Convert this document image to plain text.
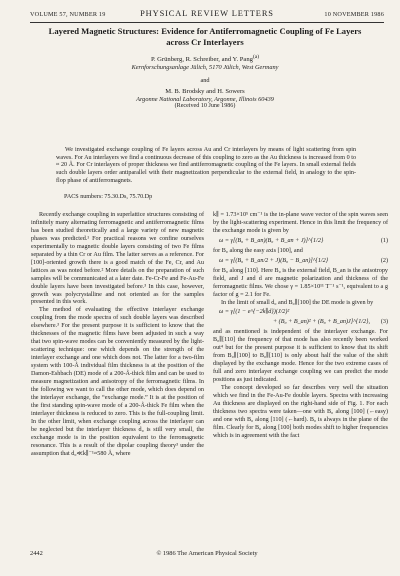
VOLUME 57, NUMBER 19	PHYSICAL REVIEW LETTERS	10 NOVEMBER 1986
Layered Magnetic Structures: Evidence for Antiferromagnetic Coupling of Fe Layers across Cr Interlayers
P. Grünberg, R. Schreiber, and Y. Pang$^{(a)}$
Kernforschungsanlage Jülich, 5170 Jülich, West Germany
and
M. B. Brodsky and H. Sowers
Argonne National Laboratory, Argonne, Illinois 60439
(Received 10 June 1986)

We investigated exchange coupling of Fe layers across Au and Cr interlayers by means of light scattering from spin waves. For Au interlayers we find a continuous decrease of this coupling to zero as the Au thickness is increased from 0 to ≈ 20 Å. For Cr interlayers of proper thickness we find antiferromagnetic coupling of the Fe layers. In small external fields such double layers order antiparallel with their magnetization perpendicular to the external field, in analogy to the spin-flop phase of antiferromagnets.

PACS numbers: 75.30.Ds, 75.70.Dp

Recently exchange coupling in superlattice structures consisting of infinitely many alternating ferromagnetic and antiferromagnetic films has been studied theoretically and a large variety of new magnetic phases was predicted.¹ For practical reasons we confine ourselves experimentally to magnetic double layers consisting of two Fe films separated by a thin Cr or Au film. The latter serves as a reference. For [100]-oriented growth there is a good match of the Fe, Cr, and Au lattices as was noted before.² More details on the preparation of such samples will be communicated at a later date. Fe-Cr-Fe and Fe-Au-Fe double layers have been investigated before.³ In this case, however, growth was polycrystalline and not oriented as for the samples presented in this work.

The method of evaluating the effective interlayer exchange coupling from the mode spectra of such double layers was described elsewhere.³ For the present purpose it is sufficient to know that the thicknesses of the magnetic films have been adjusted in such a way that two spin-wave modes can be conveniently measured by the light-scattering technique: one which depends on the strength of the interlayer exchange and one which does not. The latter for a two-film system with 100-Å individual film thickness is at the position of the Damon-Eshbach (DE) mode of a 200-Å-thick film and can be used to measure magnetization and anisotropy of the ferromagnetic films. In the following we want to call the other mode, which does depend on the interlayer exchange, the “exchange mode.” It is at the position of the first standing spin-wave mode of a 200-Å-thick Fe film when the interlayer thickness is reduced to zero. This is the full-coupling limit. In the other limit, when exchange coupling across the interlayer can be neglected but the interlayer thickness d₀ is still very small, the exchange mode is in the position equivalent to the ferromagnetic resonance. This is a result of the dipolar coupling theory³ under the assumption that d₀≪k∥⁻¹≈580 Å, where

k∥ = 1.73×10⁵ cm⁻¹ is the in-plane wave vector of the spin waves seen by the light-scattering experiment. Hence in this limit the frequency of the exchange mode is given by

ω = γ[(B₀ + B_an)(B₀ + B_an + J)]^{1/2}	(1)

for B₀ along the easy axis [100], and

ω = γ[(B₀ + B_an/2 + J)(B₀ − B_an)]^{1/2}	(2)

for B₀ along [110]. Here B₀ is the external field, B_an is the anisotropy field, and J and d are magnetic polarization and thickness of the ferromagnetic films. We chose γ = 1.85×10¹¹ T⁻¹ s⁻¹, equivalent to a g factor of g = 2.1 for Fe.

In the limit of small d₀ and B₀∥[100] the DE mode is given by

ω = γ[(1 − e^{−2k∥d})(J/2)²
+ (B₀ + B_an)² + (B₀ + B_an)J]^{1/2}, (3)

and as mentioned is independent of the interlayer exchange. For B₀∥[110] the frequency of that mode has also recently been worked out⁴ but for the present purpose it is sufficient to know that its shift from B₀∥[100] to B₀∥[110] is only about half the value of the shift displayed by the exchange mode. Hence for the two extreme cases of full and zero interlayer exchange coupling we can predict the mode positions as just indicated.

The concept developed so far describes very well the situation which we find in the Fe-Au-Fe double layers. Spectra with increasing Au thickness are displayed on the right-hand side of Fig. 1. For each thickness two spectra were taken—one with B₀ along [100] (←easy) and one with B₀ along [110] (←hard). B₀ is always in the plane of the film. Clearly for B₀ along [100] both modes shift to higher frequencies which is in agreement with the fact

2442	© 1986 The American Physical Society
